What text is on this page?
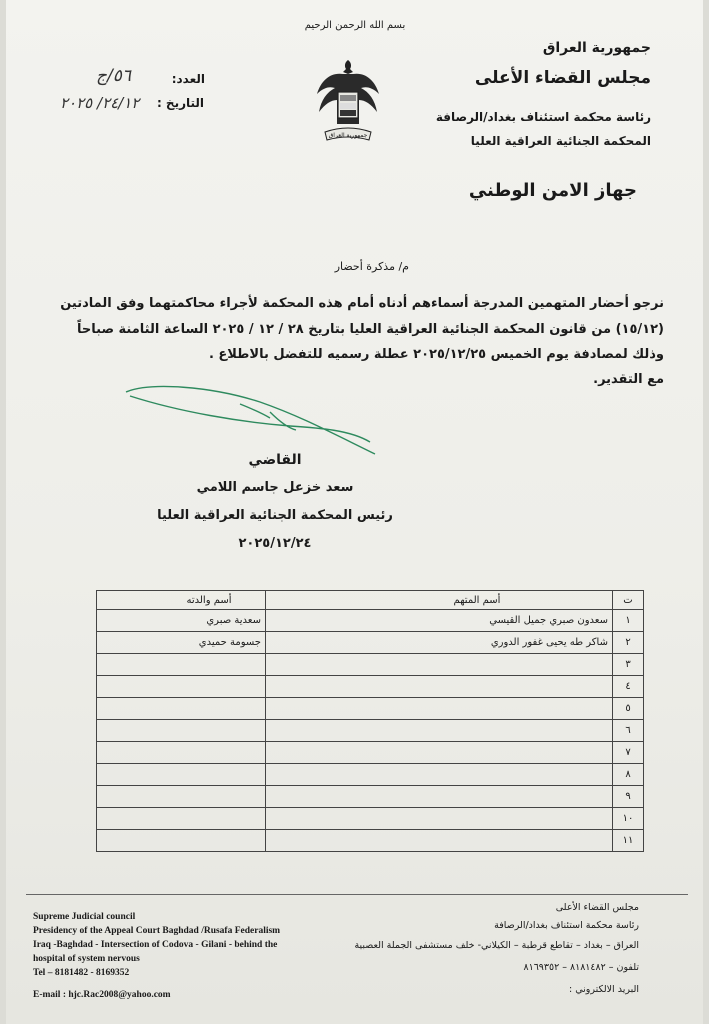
بسم الله الرحمن الرحيم
جمهورية العراق
مجلس القضاء الأعلى
رئاسة محكمة استئناف بغداد/الرصافة
المحكمة الجنائية العراقية العليا
جمهورية العراق
العدد:
٥٦/ج
التاريخ :
٢٤/١٢/ ٢٠٢٥
جهاز الامن الوطني
م/ مذكرة أحضار
نرجو أحضار المتهمين المدرجة أسماءهم أدناه أمام هذه المحكمة لأجراء محاكمتهما وفق المادتين
(١٥/١٢) من قانون المحكمة الجنائية العراقية العليا بتاريخ ٢٨ / ١٢ / ٢٠٢٥ الساعة الثامنة صباحاً
وذلك لمصادفة يوم الخميس ٢٠٢٥/١٢/٢٥ عطلة رسميه للتفضل بالاطلاع .
مع التقدير.
القاضي
سعد خزعل جاسم اللامي
رئيس المحكمة الجنائية العراقية العليا
٢٠٢٥/١٢/٢٤
ت	أسم المتهم	أسم والدته
١	سعدون صبري جميل القيسي	سعدية صبري
٢	شاكر طه يحيى غفور الدوري	جسومة حميدي
٣		
٤		
٥		
٦		
٧		
٨		
٩		
١٠		
١١		
Supreme Judicial council
Presidency of the Appeal Court Baghdad /Rusafa Federalism
Iraq -Baghdad - Intersection of Codova - Gilani - behind the
hospital of system nervous
Tel – 8181482 - 8169352
E-mail : hjc.Rac2008@yahoo.com
مجلس القضاء الأعلى
رئاسة محكمة استئناف بغداد/الرصافة
العراق – بغداد – تقاطع قرطبة – الكيلاني- خلف مستشفى الجملة العصبية
تلفون – ٨١٨١٤٨٢ – ٨١٦٩٣٥٢
البريد الالكتروني :
